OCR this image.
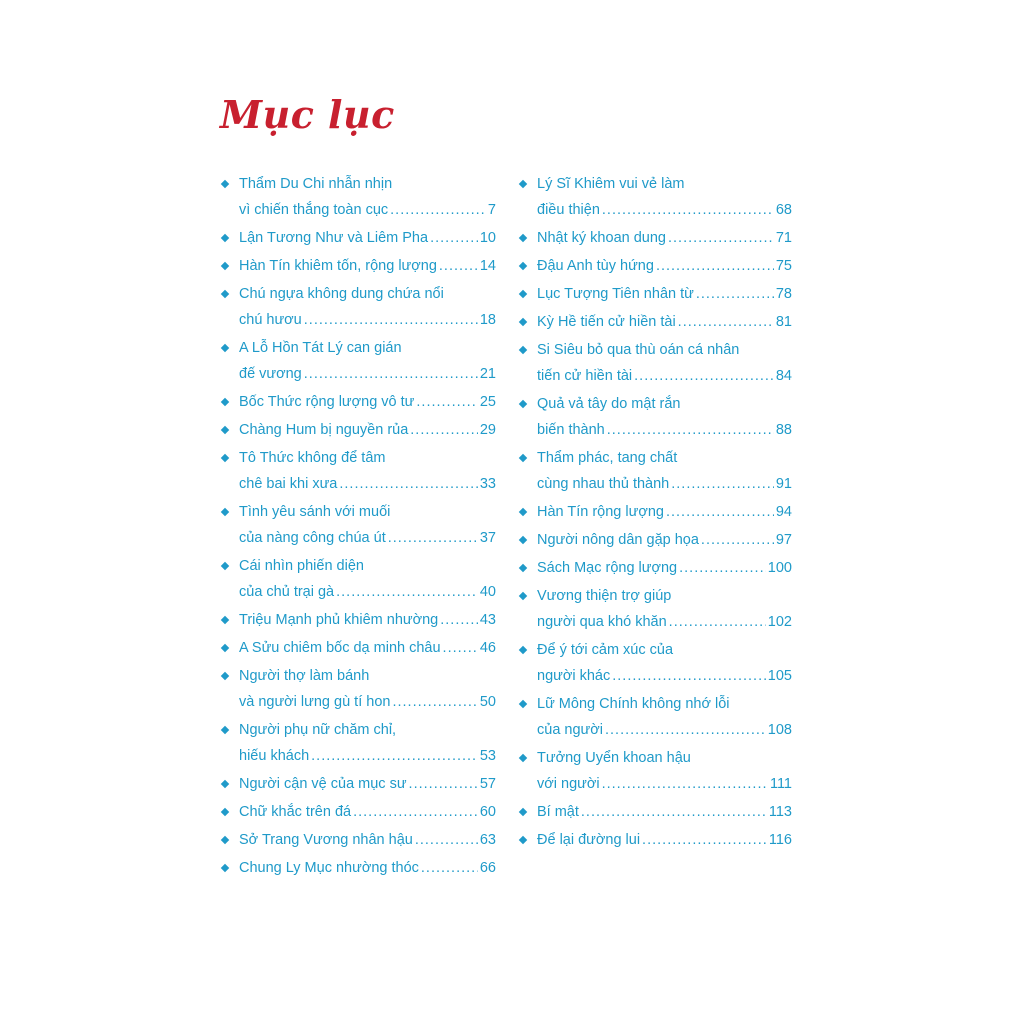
Mục lục
Thẩm Du Chi nhẫn nhịn
vì chiến thắng toàn cục .....	7
Lận Tương Như và Liêm Pha .....	10
Hàn Tín khiêm tốn, rộng lượng .....	14
Chú ngựa không dung chứa nổi
chú hươu .....	18
A Lỗ Hồn Tát Lý can gián
đế vương .....	21
Bốc Thức rộng lượng vô tư .....	25
Chàng Hum bị nguyền rủa .....	29
Tô Thức không để tâm
chê bai khi xưa .....	33
Tình yêu sánh với muối
của nàng công chúa út .....	37
Cái nhìn phiến diện
của chủ trại gà .....	40
Triệu Mạnh phủ khiêm nhường .....	43
A Sửu chiêm bốc dạ minh châu .....	46
Người thợ làm bánh
và người lưng gù tí hon .....	50
Người phụ nữ chăm chỉ,
hiếu khách .....	53
Người cận vệ của mục sư .....	57
Chữ khắc trên đá .....	60
Sở Trang Vương nhân hậu .....	63
Chung Ly Mục nhường thóc .....	66
Lý Sĩ Khiêm vui vẻ làm
điều thiện .....	68
Nhật ký khoan dung .....	71
Đậu Anh tùy hứng .....	75
Lục Tượng Tiên nhân từ .....	78
Kỳ Hề tiến cử hiền tài .....	81
Si Siêu bỏ qua thù oán cá nhân
tiến cử hiền tài .....	84
Quả vả tây do mật rắn
biến thành .....	88
Thẩm phác, tang chất
cùng nhau thủ thành .....	91
Hàn Tín rộng lượng .....	94
Người nông dân gặp họa .....	97
Sách Mạc rộng lượng .....	100
Vương thiện trợ giúp
người qua khó khăn .....	102
Để ý tới cảm xúc của
người khác .....	105
Lữ Mông Chính không nhớ lỗi
của người .....	108
Tưởng Uyển khoan hậu
với người .....	111
Bí mật .....	113
Để lại đường lui .....	116
